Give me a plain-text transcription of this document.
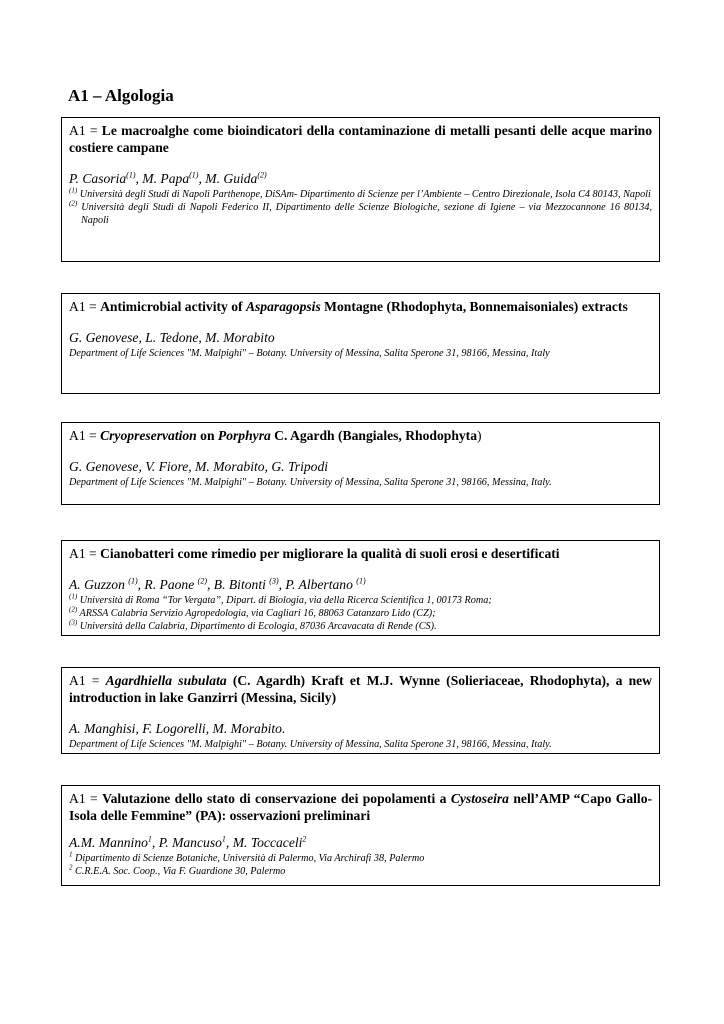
A1 – Algologia

A1 = Le macroalghe come bioindicatori della contaminazione di metalli pesanti delle acque marino costiere campane

P. Casoria$^{(1)}$, M. Papa$^{(1)}$, M. Guida$^{(2)}$

$^{(1)}$ Università degli Studi di Napoli Parthenope, DiSAm- Dipartimento di Scienze per l’Ambiente – Centro Direzionale, Isola C4 80143, Napoli

$^{(2)}$ Università degli Studi di Napoli Federico II, Dipartimento delle Scienze Biologiche, sezione di Igiene – via Mezzocannone 16 80134, Napoli

A1 = Antimicrobial activity of Asparagopsis Montagne (Rhodophyta, Bonnemaisoniales) extracts

G. Genovese, L. Tedone, M. Morabito

Department of Life Sciences "M. Malpighi" – Botany. University of Messina, Salita Sperone 31, 98166, Messina, Italy

A1 = Cryopreservation on Porphyra C. Agardh (Bangiales, Rhodophyta)

G. Genovese, V. Fiore, M. Morabito, G. Tripodi

Department of Life Sciences "M. Malpighi" – Botany. University of Messina, Salita Sperone 31, 98166, Messina, Italy.

A1 = Cianobatteri come rimedio per migliorare la qualità di suoli erosi e desertificati

A. Guzzon $^{(1)}$, R. Paone $^{(2)}$, B. Bitonti $^{(3)}$, P. Albertano $^{(1)}$

$^{(1)}$ Università di Roma “Tor Vergata”, Dipart. di Biologia, via della Ricerca Scientifica 1, 00173 Roma;

$^{(2)}$ ARSSA Calabria Servizio Agropedologia, via Cagliari 16, 88063 Catanzaro Lido (CZ);

$^{(3)}$ Università della Calabria, Dipartimento di Ecologia, 87036 Arcavacata di Rende (CS).

A1 = Agardhiella subulata (C. Agardh) Kraft et M.J. Wynne (Solieriaceae, Rhodophyta), a new introduction in lake Ganzirri (Messina, Sicily)

A. Manghisi, F. Logorelli, M. Morabito.

Department of Life Sciences "M. Malpighi" – Botany. University of Messina, Salita Sperone 31, 98166, Messina, Italy.

A1 = Valutazione dello stato di conservazione dei popolamenti a Cystoseira nell’AMP “Capo Gallo-Isola delle Femmine” (PA): osservazioni preliminari

A.M. Mannino$^1$, P. Mancuso$^1$, M. Toccaceli$^2$

$^1$ Dipartimento di Scienze Botaniche, Università di Palermo, Via Archirafi 38, Palermo

$^2$ C.R.E.A. Soc. Coop., Via F. Guardione 30, Palermo
